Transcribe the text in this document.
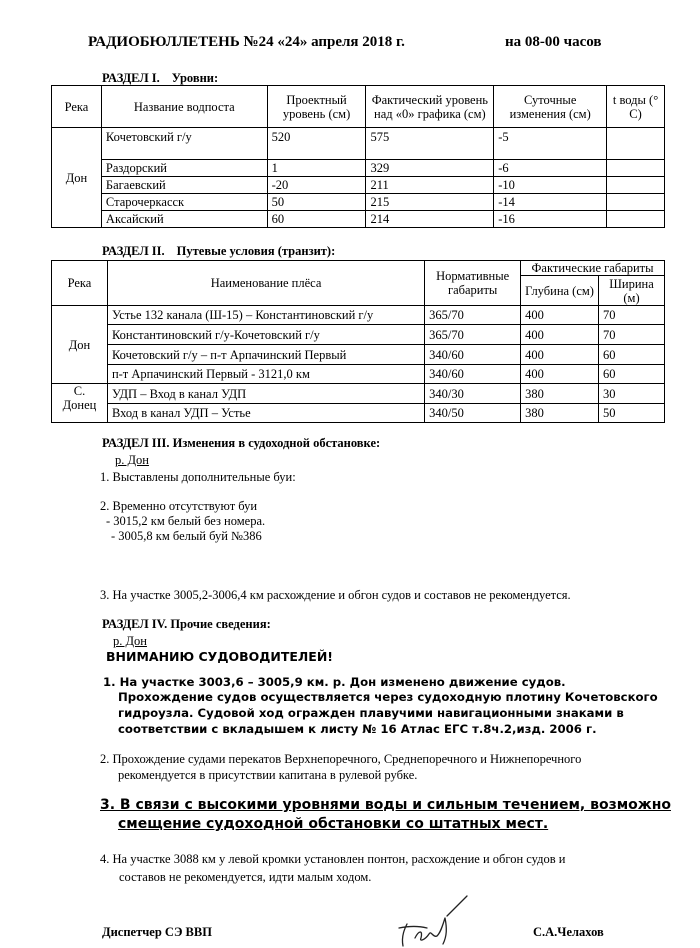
РАДИОБЮЛЛЕТЕНЬ №24 «24» апреля 2018 г.	на 08-00 часов
РАЗДЕЛ I. Уровни:
Река	Название водпоста	Проектный уровень (см)	Фактический уровень над «0» графика (см)	Суточные изменения (см)	t воды (° C)
Дон	Кочетовский г/у	520	575	-5	
	Раздорский	1	329	-6	
	Багаевский	-20	211	-10	
	Старочеркасск	50	215	-14	
	Аксайский	60	214	-16	
РАЗДЕЛ II. Путевые условия (транзит):
Река	Наименование плёса	Нормативные габариты	Фактические габариты	
			Глубина (см)	Ширина (м)
Дон	Устье 132 канала (Ш-15) – Константиновский г/у	365/70	400	70
	Константиновский г/у-Кочетовский г/у	365/70	400	70
	Кочетовский г/у – п-т Арпачинский Первый	340/60	400	60
	п-т Арпачинский Первый - 3121,0 км	340/60	400	60
С. Донец	УДП – Вход в канал УДП	340/30	380	30
	Вход в канал УДП – Устье	340/50	380	50
РАЗДЕЛ III. Изменения в судоходной обстановке:
р. Дон
1. Выставлены дополнительные буи:
2. Временно отсутствуют буи
- 3015,2 км белый без номера.
- 3005,8 км белый буй №386
3. На участке 3005,2-3006,4 км расхождение и обгон судов и составов не рекомендуется.
РАЗДЕЛ IV. Прочие сведения:
р. Дон
ВНИМАНИЮ СУДОВОДИТЕЛЕЙ!
1. На участке 3003,6 – 3005,9 км. р. Дон изменено движение судов.
Прохождение судов осуществляется через судоходную плотину Кочетовского
гидроузла. Судовой ход огражден плавучими навигационными знаками в
соответствии с вкладышем к листу № 16 Атлас ЕГС т.8ч.2,изд. 2006 г.
2. Прохождение судами перекатов Верхнепоречного, Среднепоречного и Нижнепоречного
рекомендуется в присутствии капитана в рулевой рубке.
3. В связи с высокими уровнями воды и сильным течением, возможно
смещение судоходной обстановки со штатных мест.
4. На участке 3088 км у левой кромки установлен понтон, расхождение и обгон судов и
составов не рекомендуется, идти малым ходом.
Диспетчер СЭ ВВП	С.А.Челахов
